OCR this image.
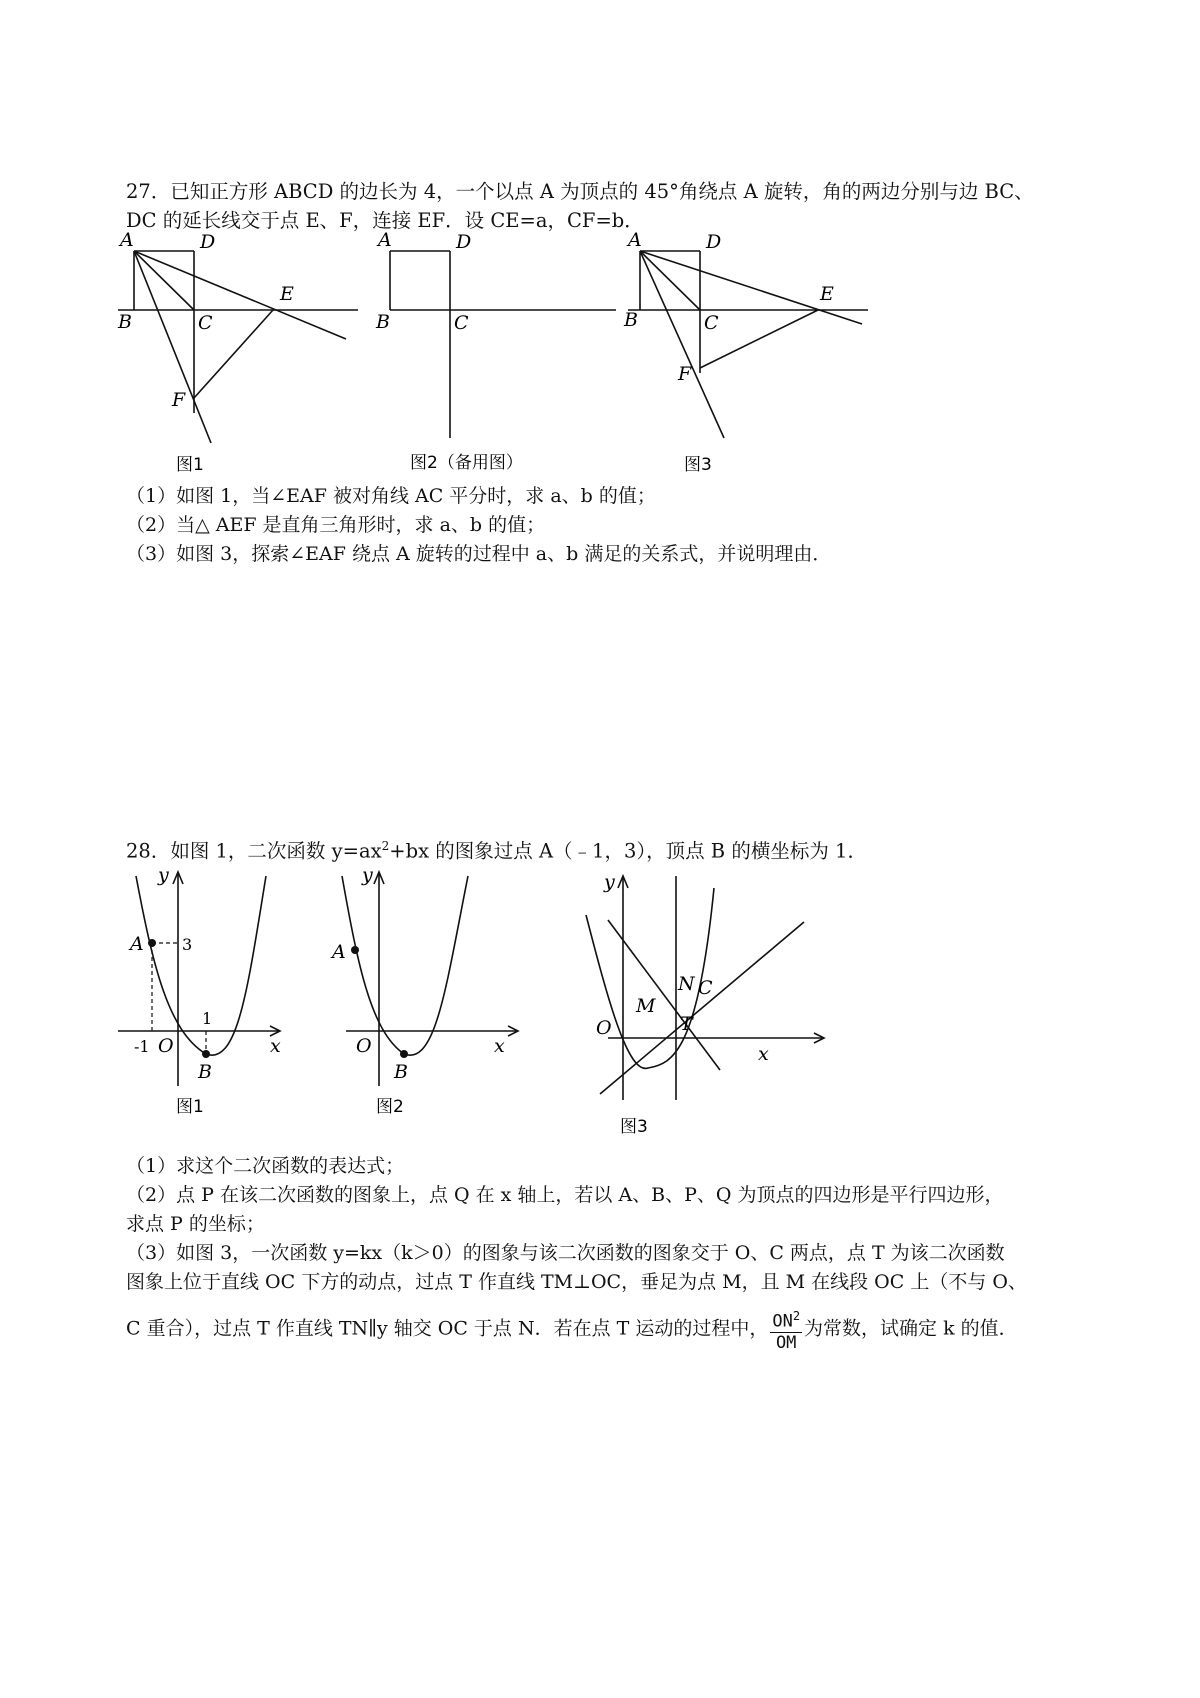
27．已知正方形 ABCD 的边长为 4，一个以点 A 为顶点的 45°角绕点 A 旋转，角的两边分别与边 BC、
DC 的延长线交于点 E、F，连接 EF．设 CE=a，CF=b．
A	D
B	C
E
F
图1
A	D
B	C
图2（备用图）
A	D
B	C
E
F
图3
（1）如图 1，当∠EAF 被对角线 AC 平分时，求 a、b 的值；
（2）当△ AEF 是直角三角形时，求 a、b 的值；
（3）如图 3，探索∠EAF 绕点 A 旋转的过程中 a、b 满足的关系式，并说明理由．
28．如图 1，二次函数 $y=ax^2+bx$ 的图象过点 A（﹣1，3），顶点 B 的横坐标为 1．
y
A 3
1
-1 O
B
x
图1
y
A
O
B
x
图2
y
N
M
C
T
O
x
图3
（1）求这个二次函数的表达式；
（2）点 P 在该二次函数的图象上，点 Q 在 x 轴上，若以 A、B、P、Q 为顶点的四边形是平行四边形，
求点 P 的坐标；
（3）如图 3，一次函数 y=kx（k＞0）的图象与该二次函数的图象交于 O、C 两点，点 T 为该二次函数
图象上位于直线 OC 下方的动点，过点 T 作直线 TM⊥OC，垂足为点 M，且 M 在线段 OC 上（不与 O、
C 重合），过点 T 作直线 TN∥y 轴交 OC 于点 N．若在点 T 运动的过程中， $\frac{ON^2}{OM}$ 为常数，试确定 k 的值．
